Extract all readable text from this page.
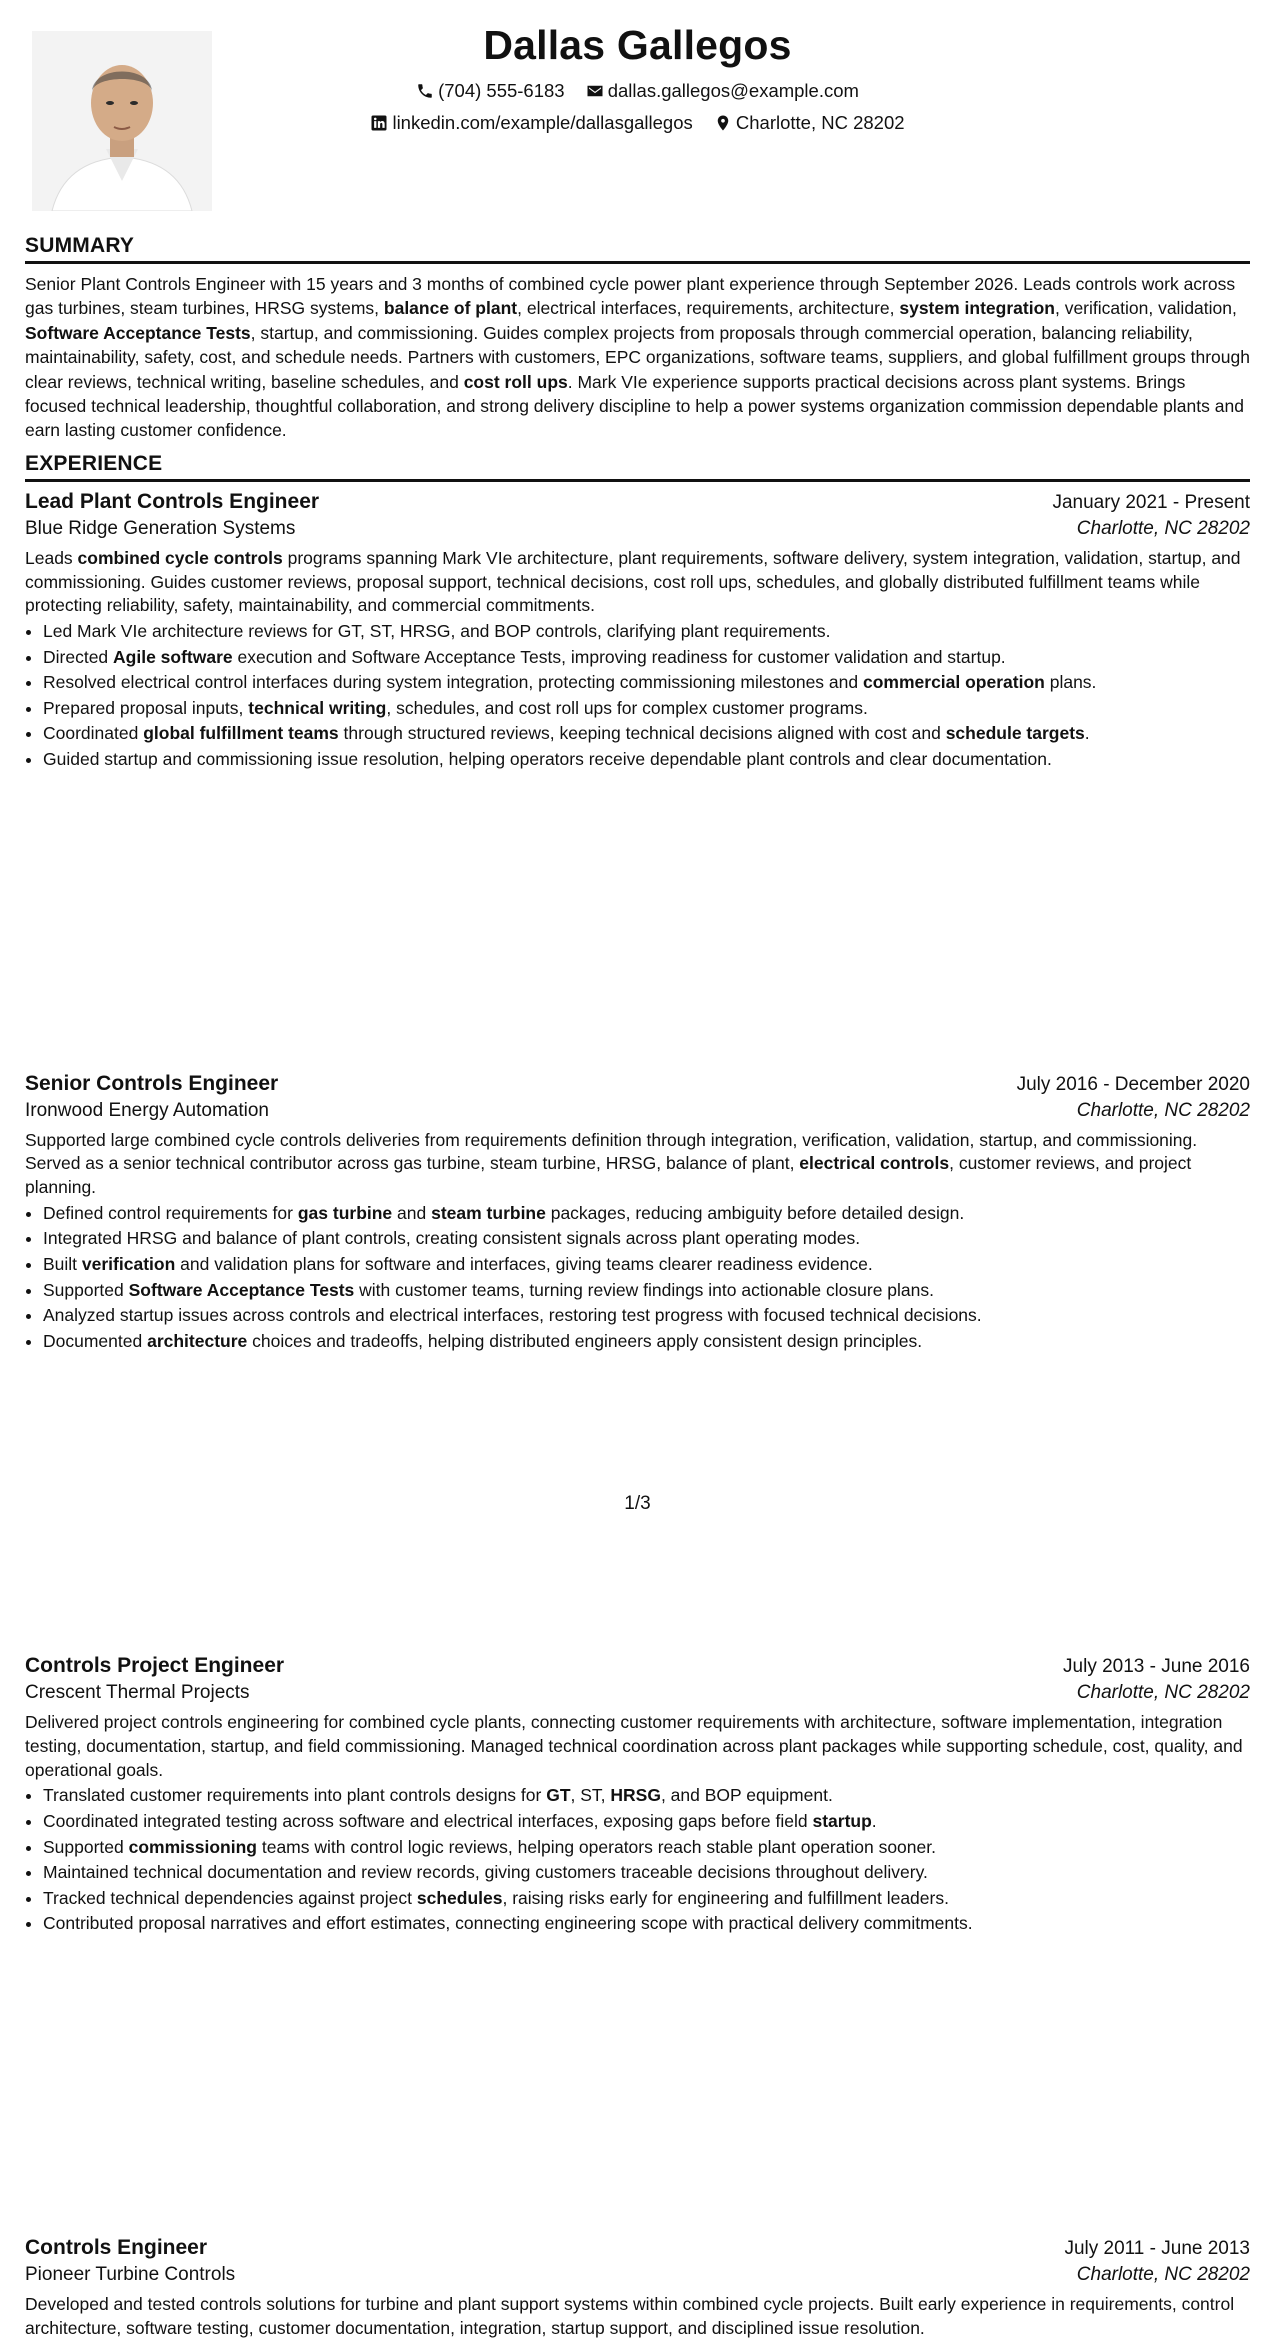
Dallas Gallegos
(704) 555-6183
dallas.gallegos@example.com
linkedin.com/example/dallasgallegos
Charlotte, NC 28202
SUMMARY

Senior Plant Controls Engineer with 15 years and 3 months of combined cycle power plant experience through September 2026. Leads controls work across gas turbines, steam turbines, HRSG systems, balance of plant, electrical interfaces, requirements, architecture, system integration, verification, validation, Software Acceptance Tests, startup, and commissioning. Guides complex projects from proposals through commercial operation, balancing reliability, maintainability, safety, cost, and schedule needs. Partners with customers, EPC organizations, software teams, suppliers, and global fulfillment groups through clear reviews, technical writing, baseline schedules, and cost roll ups. Mark VIe experience supports practical decisions across plant systems. Brings focused technical leadership, thoughtful collaboration, and strong delivery discipline to help a power systems organization commission dependable plants and earn lasting customer confidence.

EXPERIENCE
Lead Plant Controls Engineer	January 2021 - Present
Blue Ridge Generation Systems	Charlotte, NC 28202

Leads combined cycle controls programs spanning Mark VIe architecture, plant requirements, software delivery, system integration, validation, startup, and commissioning. Guides customer reviews, proposal support, technical decisions, cost roll ups, schedules, and globally distributed fulfillment teams while protecting reliability, safety, maintainability, and commercial commitments.

• Led Mark VIe architecture reviews for GT, ST, HRSG, and BOP controls, clarifying plant requirements.
• Directed Agile software execution and Software Acceptance Tests, improving readiness for customer validation and startup.
• Resolved electrical control interfaces during system integration, protecting commissioning milestones and commercial operation plans.
• Prepared proposal inputs, technical writing, schedules, and cost roll ups for complex customer programs.
• Coordinated global fulfillment teams through structured reviews, keeping technical decisions aligned with cost and schedule targets.
• Guided startup and commissioning issue resolution, helping operators receive dependable plant controls and clear documentation.
Senior Controls Engineer	July 2016 - December 2020
Ironwood Energy Automation	Charlotte, NC 28202

Supported large combined cycle controls deliveries from requirements definition through integration, verification, validation, startup, and commissioning. Served as a senior technical contributor across gas turbine, steam turbine, HRSG, balance of plant, electrical controls, customer reviews, and project planning.

• Defined control requirements for gas turbine and steam turbine packages, reducing ambiguity before detailed design.
• Integrated HRSG and balance of plant controls, creating consistent signals across plant operating modes.
• Built verification and validation plans for software and interfaces, giving teams clearer readiness evidence.
• Supported Software Acceptance Tests with customer teams, turning review findings into actionable closure plans.
• Analyzed startup issues across controls and electrical interfaces, restoring test progress with focused technical decisions.
• Documented architecture choices and tradeoffs, helping distributed engineers apply consistent design principles.
Controls Project Engineer	July 2013 - June 2016
Crescent Thermal Projects	Charlotte, NC 28202

Delivered project controls engineering for combined cycle plants, connecting customer requirements with architecture, software implementation, integration testing, documentation, startup, and field commissioning. Managed technical coordination across plant packages while supporting schedule, cost, quality, and operational goals.

• Translated customer requirements into plant controls designs for GT, ST, HRSG, and BOP equipment.
• Coordinated integrated testing across software and electrical interfaces, exposing gaps before field startup.
• Supported commissioning teams with control logic reviews, helping operators reach stable plant operation sooner.
• Maintained technical documentation and review records, giving customers traceable decisions throughout delivery.
• Tracked technical dependencies against project schedules, raising risks early for engineering and fulfillment leaders.
• Contributed proposal narratives and effort estimates, connecting engineering scope with practical delivery commitments.
Controls Engineer	July 2011 - June 2013
Pioneer Turbine Controls	Charlotte, NC 28202

Developed and tested controls solutions for turbine and plant support systems within combined cycle projects. Built early experience in requirements, control architecture, software testing, customer documentation, integration, startup support, and disciplined issue resolution.

1/3
